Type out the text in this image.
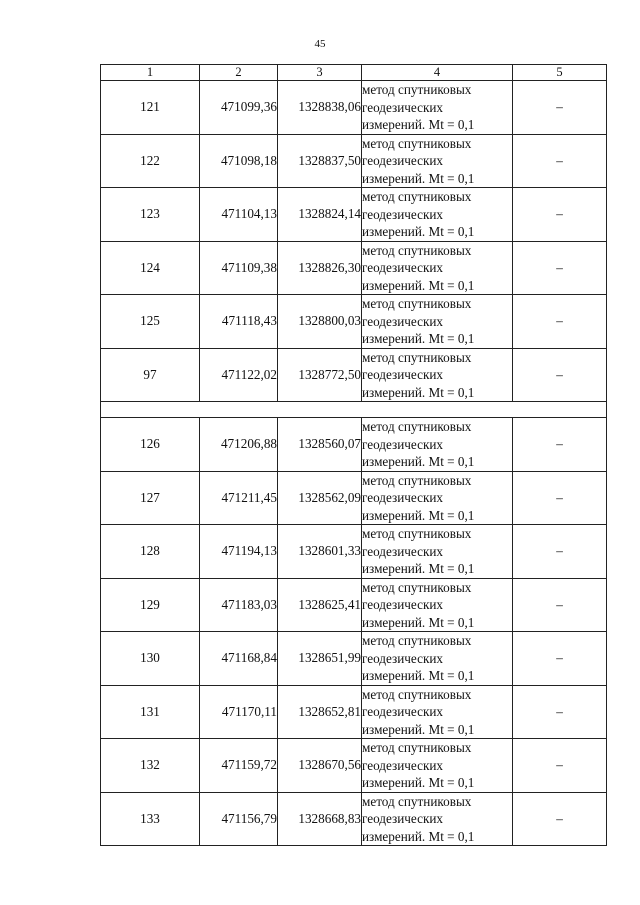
45
1	2	3	4	5
121	471099,36	1328838,06	метод спутниковых
геодезических
измерений. Mt = 0,1	–
122	471098,18	1328837,50	метод спутниковых
геодезических
измерений. Mt = 0,1	–
123	471104,13	1328824,14	метод спутниковых
геодезических
измерений. Mt = 0,1	–
124	471109,38	1328826,30	метод спутниковых
геодезических
измерений. Mt = 0,1	–
125	471118,43	1328800,03	метод спутниковых
геодезических
измерений. Mt = 0,1	–
97	471122,02	1328772,50	метод спутниковых
геодезических
измерений. Mt = 0,1	–

126	471206,88	1328560,07	метод спутниковых
геодезических
измерений. Mt = 0,1	–
127	471211,45	1328562,09	метод спутниковых
геодезических
измерений. Mt = 0,1	–
128	471194,13	1328601,33	метод спутниковых
геодезических
измерений. Mt = 0,1	–
129	471183,03	1328625,41	метод спутниковых
геодезических
измерений. Mt = 0,1	–
130	471168,84	1328651,99	метод спутниковых
геодезических
измерений. Mt = 0,1	–
131	471170,11	1328652,81	метод спутниковых
геодезических
измерений. Mt = 0,1	–
132	471159,72	1328670,56	метод спутниковых
геодезических
измерений. Mt = 0,1	–
133	471156,79	1328668,83	метод спутниковых
геодезических
измерений. Mt = 0,1	–
